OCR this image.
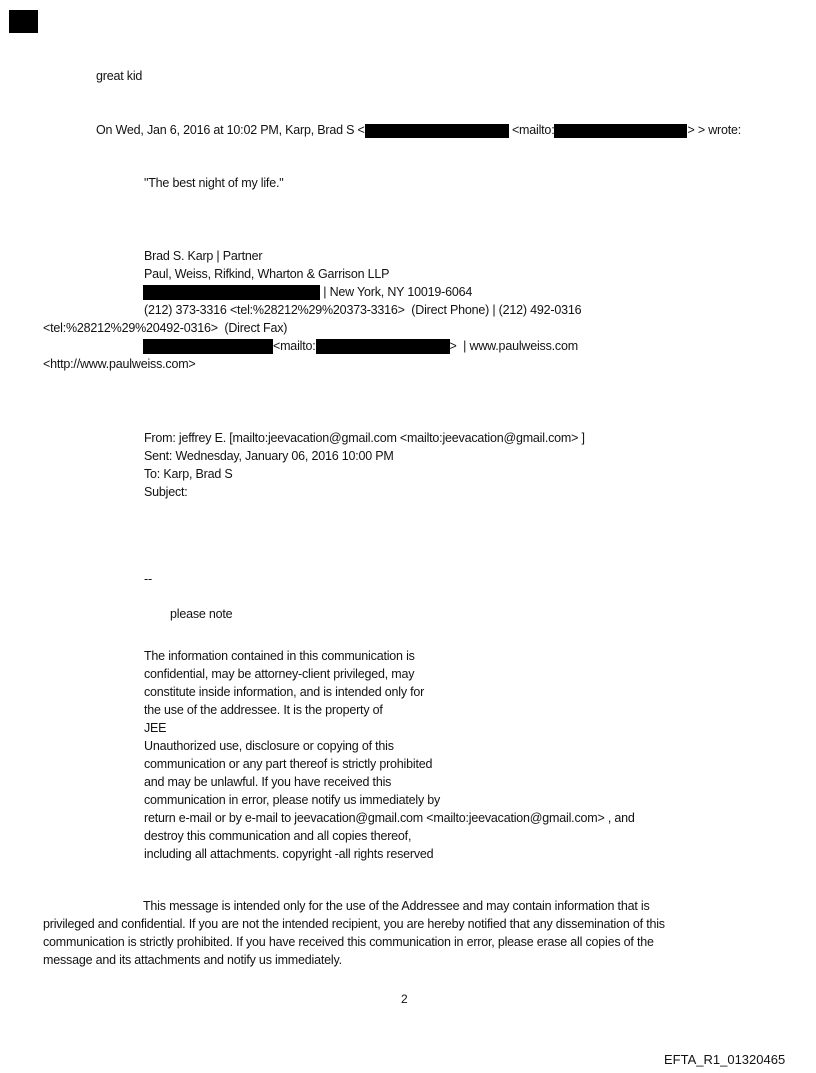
great kid
On Wed, Jan 6, 2016 at 10:02 PM, Karp, Brad S <	<mailto:	> > wrote:
"The best night of my life."
Brad S. Karp | Partner
Paul, Weiss, Rifkind, Wharton & Garrison LLP
| New York, NY 10019-6064
(212) 373-3316 <tel:%28212%29%20373-3316>  (Direct Phone) | (212) 492-0316
<tel:%28212%29%20492-0316>  (Direct Fax)
<mailto:	>  | www.paulweiss.com
<http://www.paulweiss.com>
From: jeffrey E. [mailto:jeevacation@gmail.com <mailto:jeevacation@gmail.com> ]
Sent: Wednesday, January 06, 2016 10:00 PM
To: Karp, Brad S
Subject:
--
please note
The information contained in this communication is
confidential, may be attorney-client privileged, may
constitute inside information, and is intended only for
the use of the addressee. It is the property of
JEE
Unauthorized use, disclosure or copying of this
communication or any part thereof is strictly prohibited
and may be unlawful. If you have received this
communication in error, please notify us immediately by
return e-mail or by e-mail to jeevacation@gmail.com <mailto:jeevacation@gmail.com> , and
destroy this communication and all copies thereof,
including all attachments. copyright -all rights reserved
This message is intended only for the use of the Addressee and may contain information that is
privileged and confidential. If you are not the intended recipient, you are hereby notified that any dissemination of this
communication is strictly prohibited. If you have received this communication in error, please erase all copies of the
message and its attachments and notify us immediately.
2
EFTA_R1_01320465
